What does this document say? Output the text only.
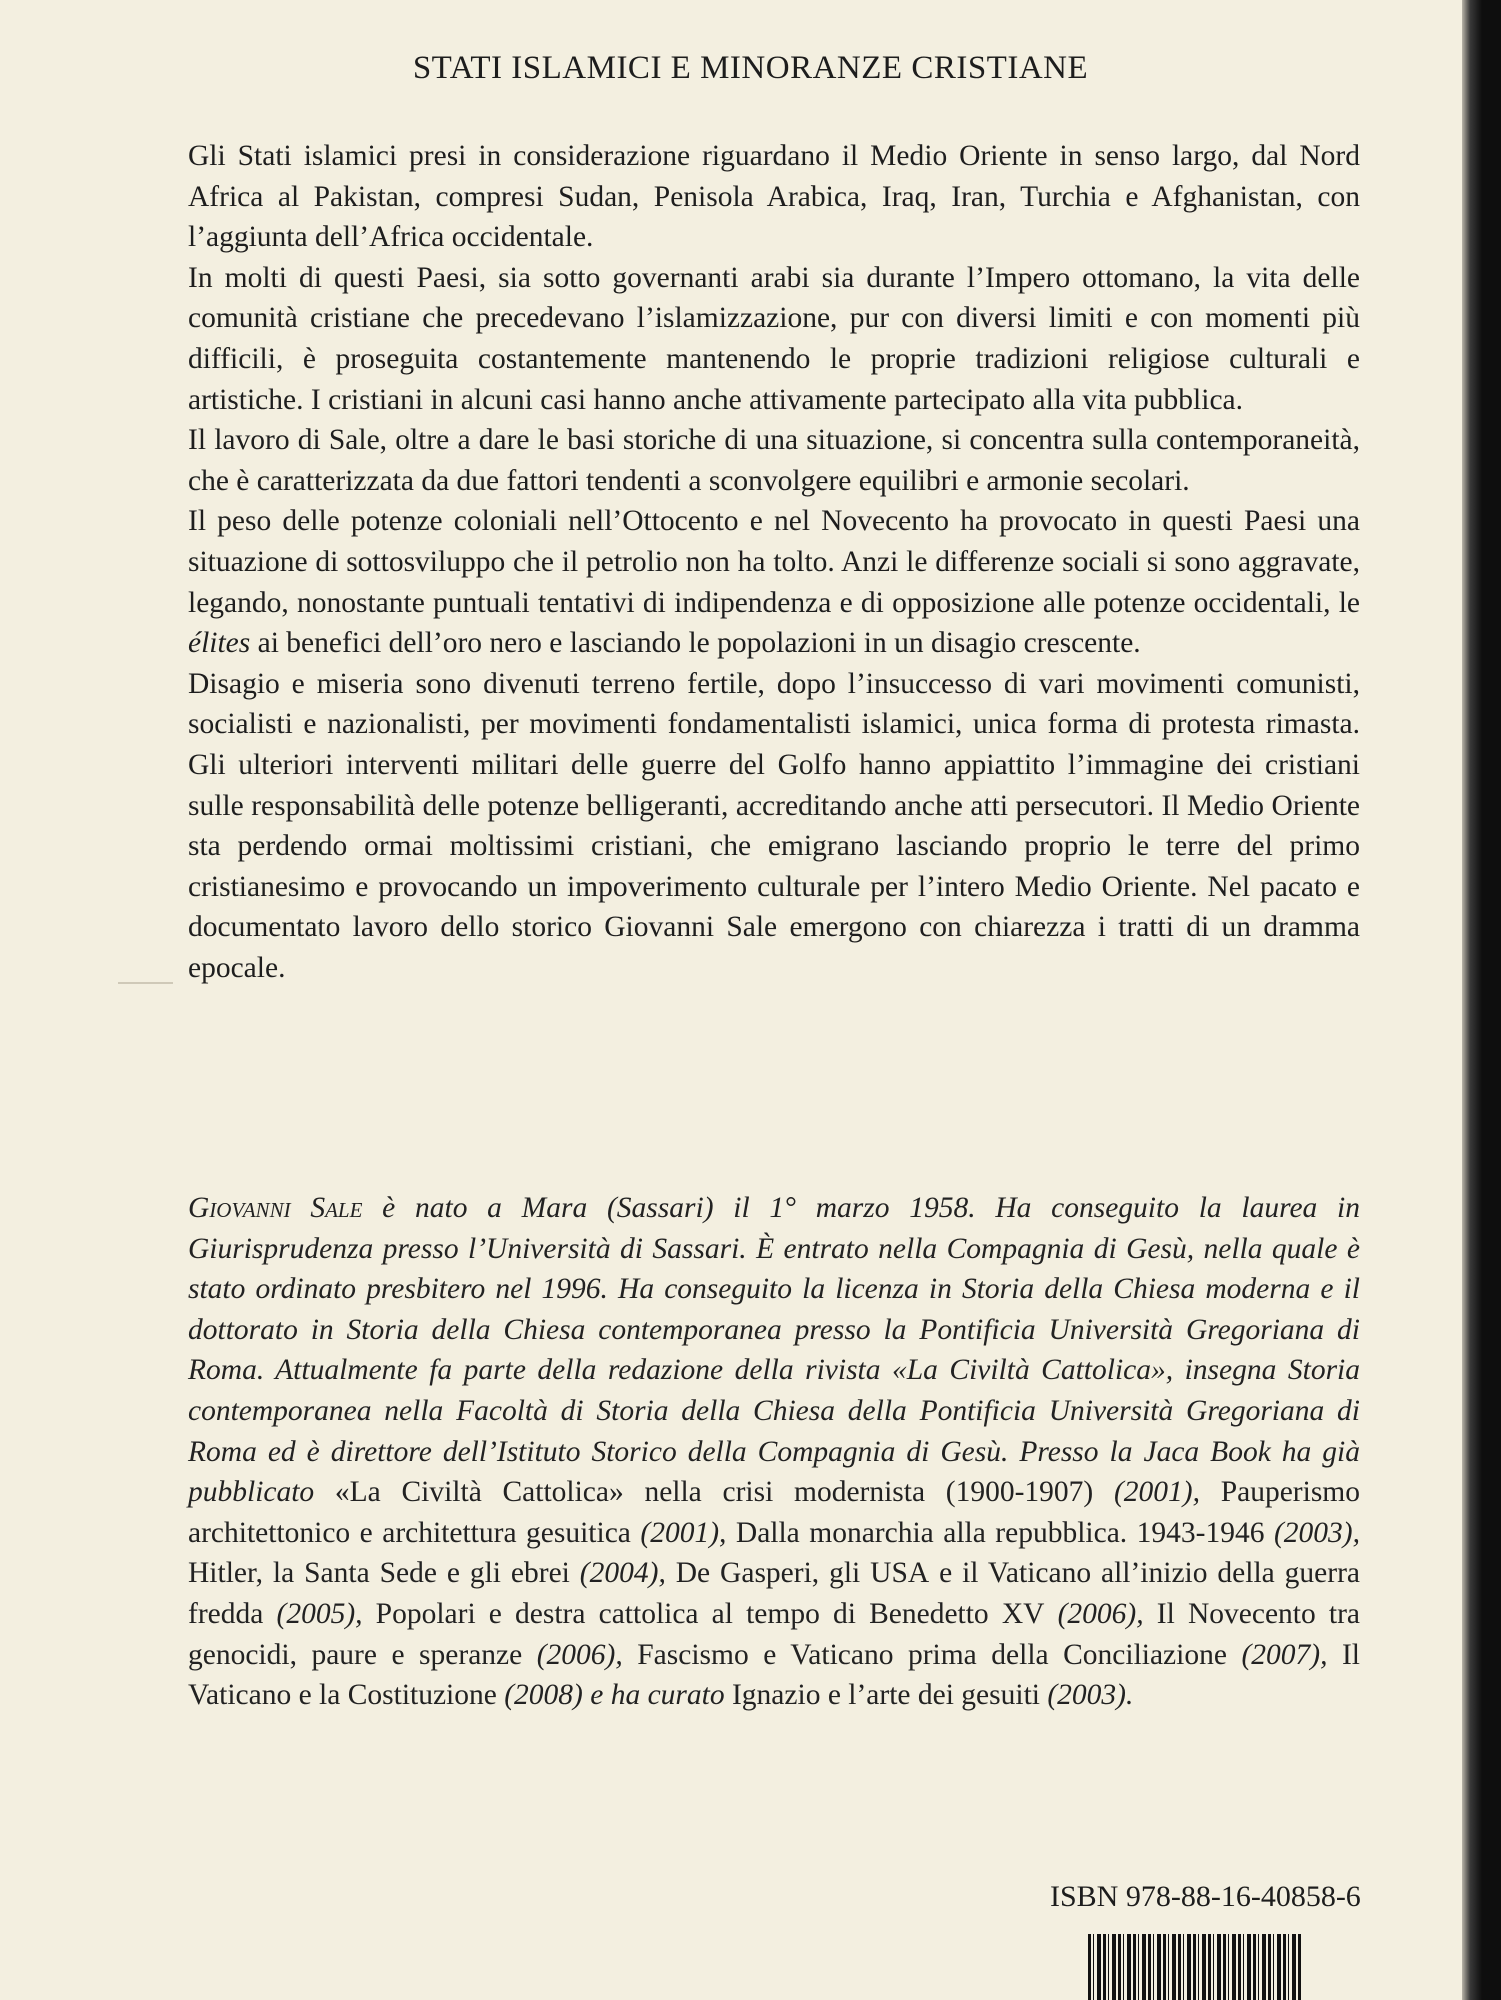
STATI ISLAMICI E MINORANZE CRISTIANE

Gli Stati islamici presi in considerazione riguardano il Medio Oriente in senso largo, dal Nord Africa al Pakistan, compresi Sudan, Penisola Arabica, Iraq, Iran, Turchia e Afghanistan, con l’aggiunta dell’Africa occidentale.

In molti di questi Paesi, sia sotto governanti arabi sia durante l’Impero ottomano, la vita delle comunità cristiane che precedevano l’islamizzazione, pur con diversi limiti e con momenti più difficili, è proseguita costantemente mantenendo le proprie tradizioni religiose culturali e artistiche. I cristiani in alcuni casi hanno anche attivamente partecipato alla vita pubblica.

Il lavoro di Sale, oltre a dare le basi storiche di una situazione, si concentra sulla contemporaneità, che è caratterizzata da due fattori tendenti a sconvolgere equilibri e armonie secolari.

Il peso delle potenze coloniali nell’Ottocento e nel Novecento ha provocato in questi Paesi una situazione di sottosviluppo che il petrolio non ha tolto. Anzi le differenze sociali si sono aggravate, legando, nonostante puntuali tentativi di indipendenza e di opposizione alle potenze occidentali, le élites ai benefici dell’oro nero e lasciando le popolazioni in un disagio crescente.

Disagio e miseria sono divenuti terreno fertile, dopo l’insuccesso di vari movimenti comunisti, socialisti e nazionalisti, per movimenti fondamentalisti islamici, unica forma di protesta rimasta. Gli ulteriori interventi militari delle guerre del Golfo hanno appiattito l’immagine dei cristiani sulle responsabilità delle potenze belligeranti, accreditando anche atti persecutori. Il Medio Oriente sta perdendo ormai moltissimi cristiani, che emigrano lasciando proprio le terre del primo cristianesimo e provocando un impoverimento culturale per l’intero Medio Oriente. Nel pacato e documentato lavoro dello storico Giovanni Sale emergono con chiarezza i tratti di un dramma epocale.

Giovanni Sale è nato a Mara (Sassari) il 1° marzo 1958. Ha conseguito la laurea in Giurisprudenza presso l’Università di Sassari. È entrato nella Compagnia di Gesù, nella quale è stato ordinato presbitero nel 1996. Ha conseguito la licenza in Storia della Chiesa moderna e il dottorato in Storia della Chiesa contemporanea presso la Pontificia Università Gregoriana di Roma. Attualmente fa parte della redazione della rivista «La Civiltà Cattolica», insegna Storia contemporanea nella Facoltà di Storia della Chiesa della Pontificia Università Gregoriana di Roma ed è direttore dell’Istituto Storico della Compagnia di Gesù. Presso la Jaca Book ha già pubblicato «La Civiltà Cattolica» nella crisi modernista (1900-1907) (2001), Pauperismo architettonico e architettura gesuitica (2001), Dalla monarchia alla repubblica. 1943-1946 (2003), Hitler, la Santa Sede e gli ebrei (2004), De Gasperi, gli USA e il Vaticano all’inizio della guerra fredda (2005), Popolari e destra cattolica al tempo di Benedetto XV (2006), Il Novecento tra genocidi, paure e speranze (2006), Fascismo e Vaticano prima della Conciliazione (2007), Il Vaticano e la Costituzione (2008) e ha curato Ignazio e l’arte dei gesuiti (2003).

ISBN 978-88-16-40858-6
